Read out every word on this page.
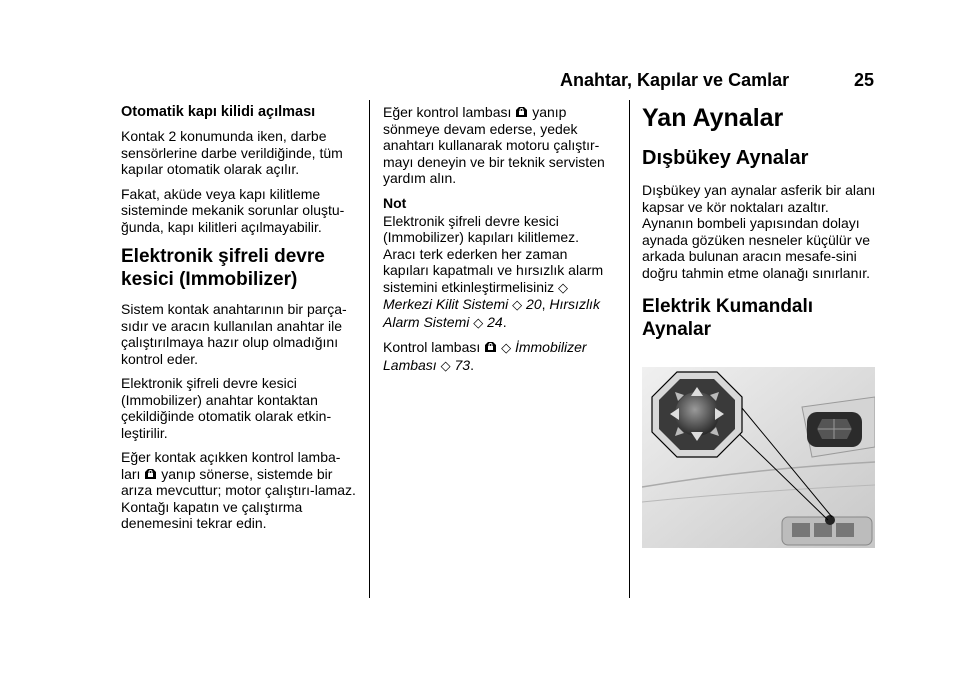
Anahtar, Kapılar ve Camlar	25
Otomatik kapı kilidi açılması

Kontak 2 konumunda iken, darbe sensörlerine darbe verildiğinde, tüm kapılar otomatik olarak açılır.

Fakat, aküde veya kapı kilitleme sisteminde mekanik sorunlar oluştu-ğunda, kapı kilitleri açılmayabilir.

Elektronik şifreli devre
kesici (Immobilizer)

Sistem kontak anahtarının bir parça-sıdır ve aracın kullanılan anahtar ile çalıştırılmaya hazır olup olmadığını kontrol eder.

Elektronik şifreli devre kesici (Immobilizer) anahtar kontaktan çekildiğinde otomatik olarak etkin-leştirilir.

Eğer kontak açıkken kontrol lamba-ları yanıp sönerse, sistemde bir arıza mevcuttur; motor çalıştırı-lamaz. Kontağı kapatın ve çalıştırma denemesini tekrar edin.

Eğer kontrol lambası yanıp sönmeye devam ederse, yedek anahtarı kullanarak motoru çalıştır-mayı deneyin ve bir teknik servisten yardım alın.

Not

Elektronik şifreli devre kesici (Immobilizer) kapıları kilitlemez. Aracı terk ederken her zaman kapıları kapatmalı ve hırsızlık alarm sistemini etkinleştirmelisiniz ◇
Merkezi Kilit Sistemi ◇ 20, Hırsızlık Alarm Sistemi ◇ 24.

Kontrol lambası ◇ İmmobilizer Lambası ◇ 73.

Yan Aynalar
Dışbükey Aynalar

Dışbükey yan aynalar asferik bir alanı kapsar ve kör noktaları azaltır. Aynanın bombeli yapısından dolayı aynada gözüken nesneler küçülür ve arkada bulunan aracın mesafe-sini doğru tahmin etme olanağı sınırlanır.

Elektrik Kumandalı
Aynalar
